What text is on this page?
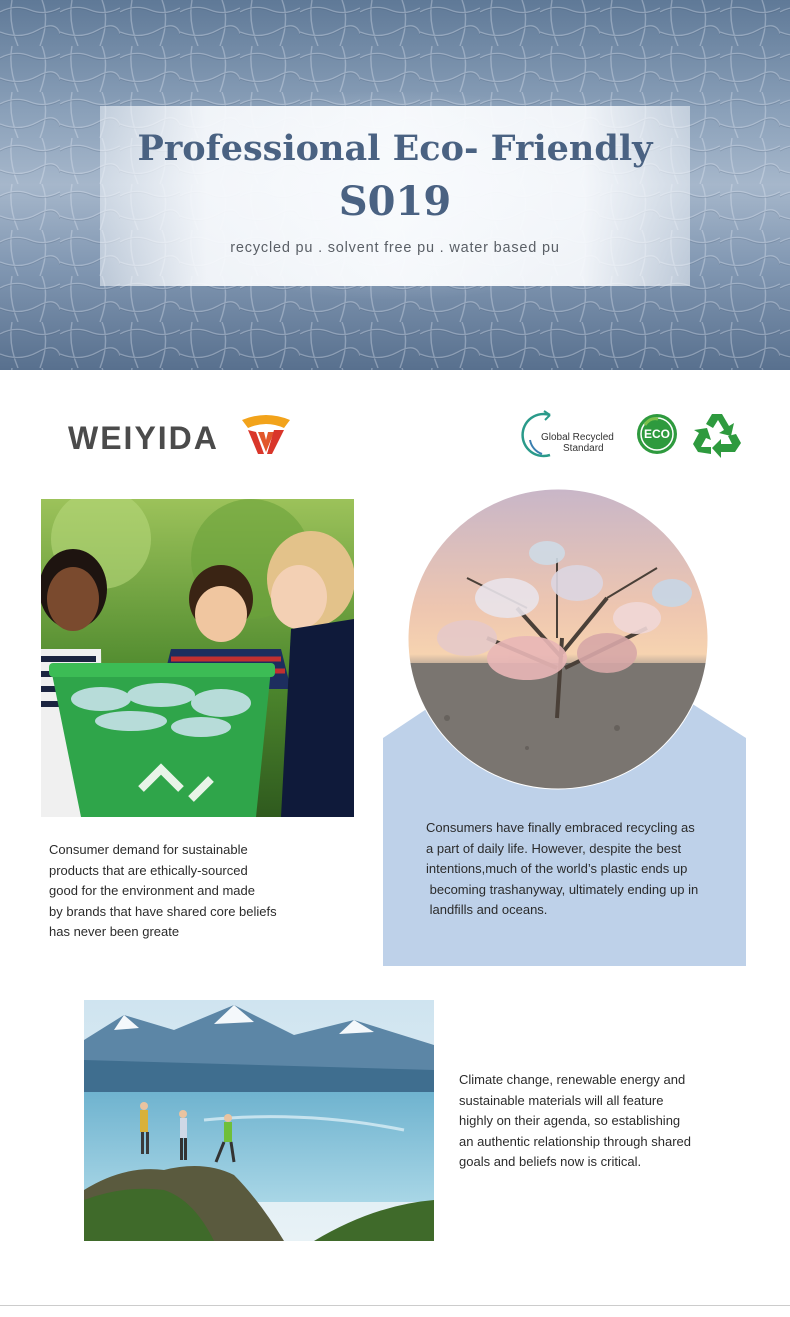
Professional Eco- Friendly
S019
recycled pu . solvent free pu . water based pu
WEIYIDA	Global Recycled
Standard
ECO
Consumer demand for sustainable
products that are ethically-sourced
good for the environment and made
by brands that have shared core beliefs
has never been greate
Consumers have finally embraced recycling as
a part of daily life. However, despite the best
intentions,much of the world’s plastic ends up
becoming trashanyway, ultimately ending up in
landfills and oceans.
Climate change, renewable energy and
sustainable materials will all feature
highly on their agenda, so establishing
an authentic relationship through shared
goals and beliefs now is critical.
